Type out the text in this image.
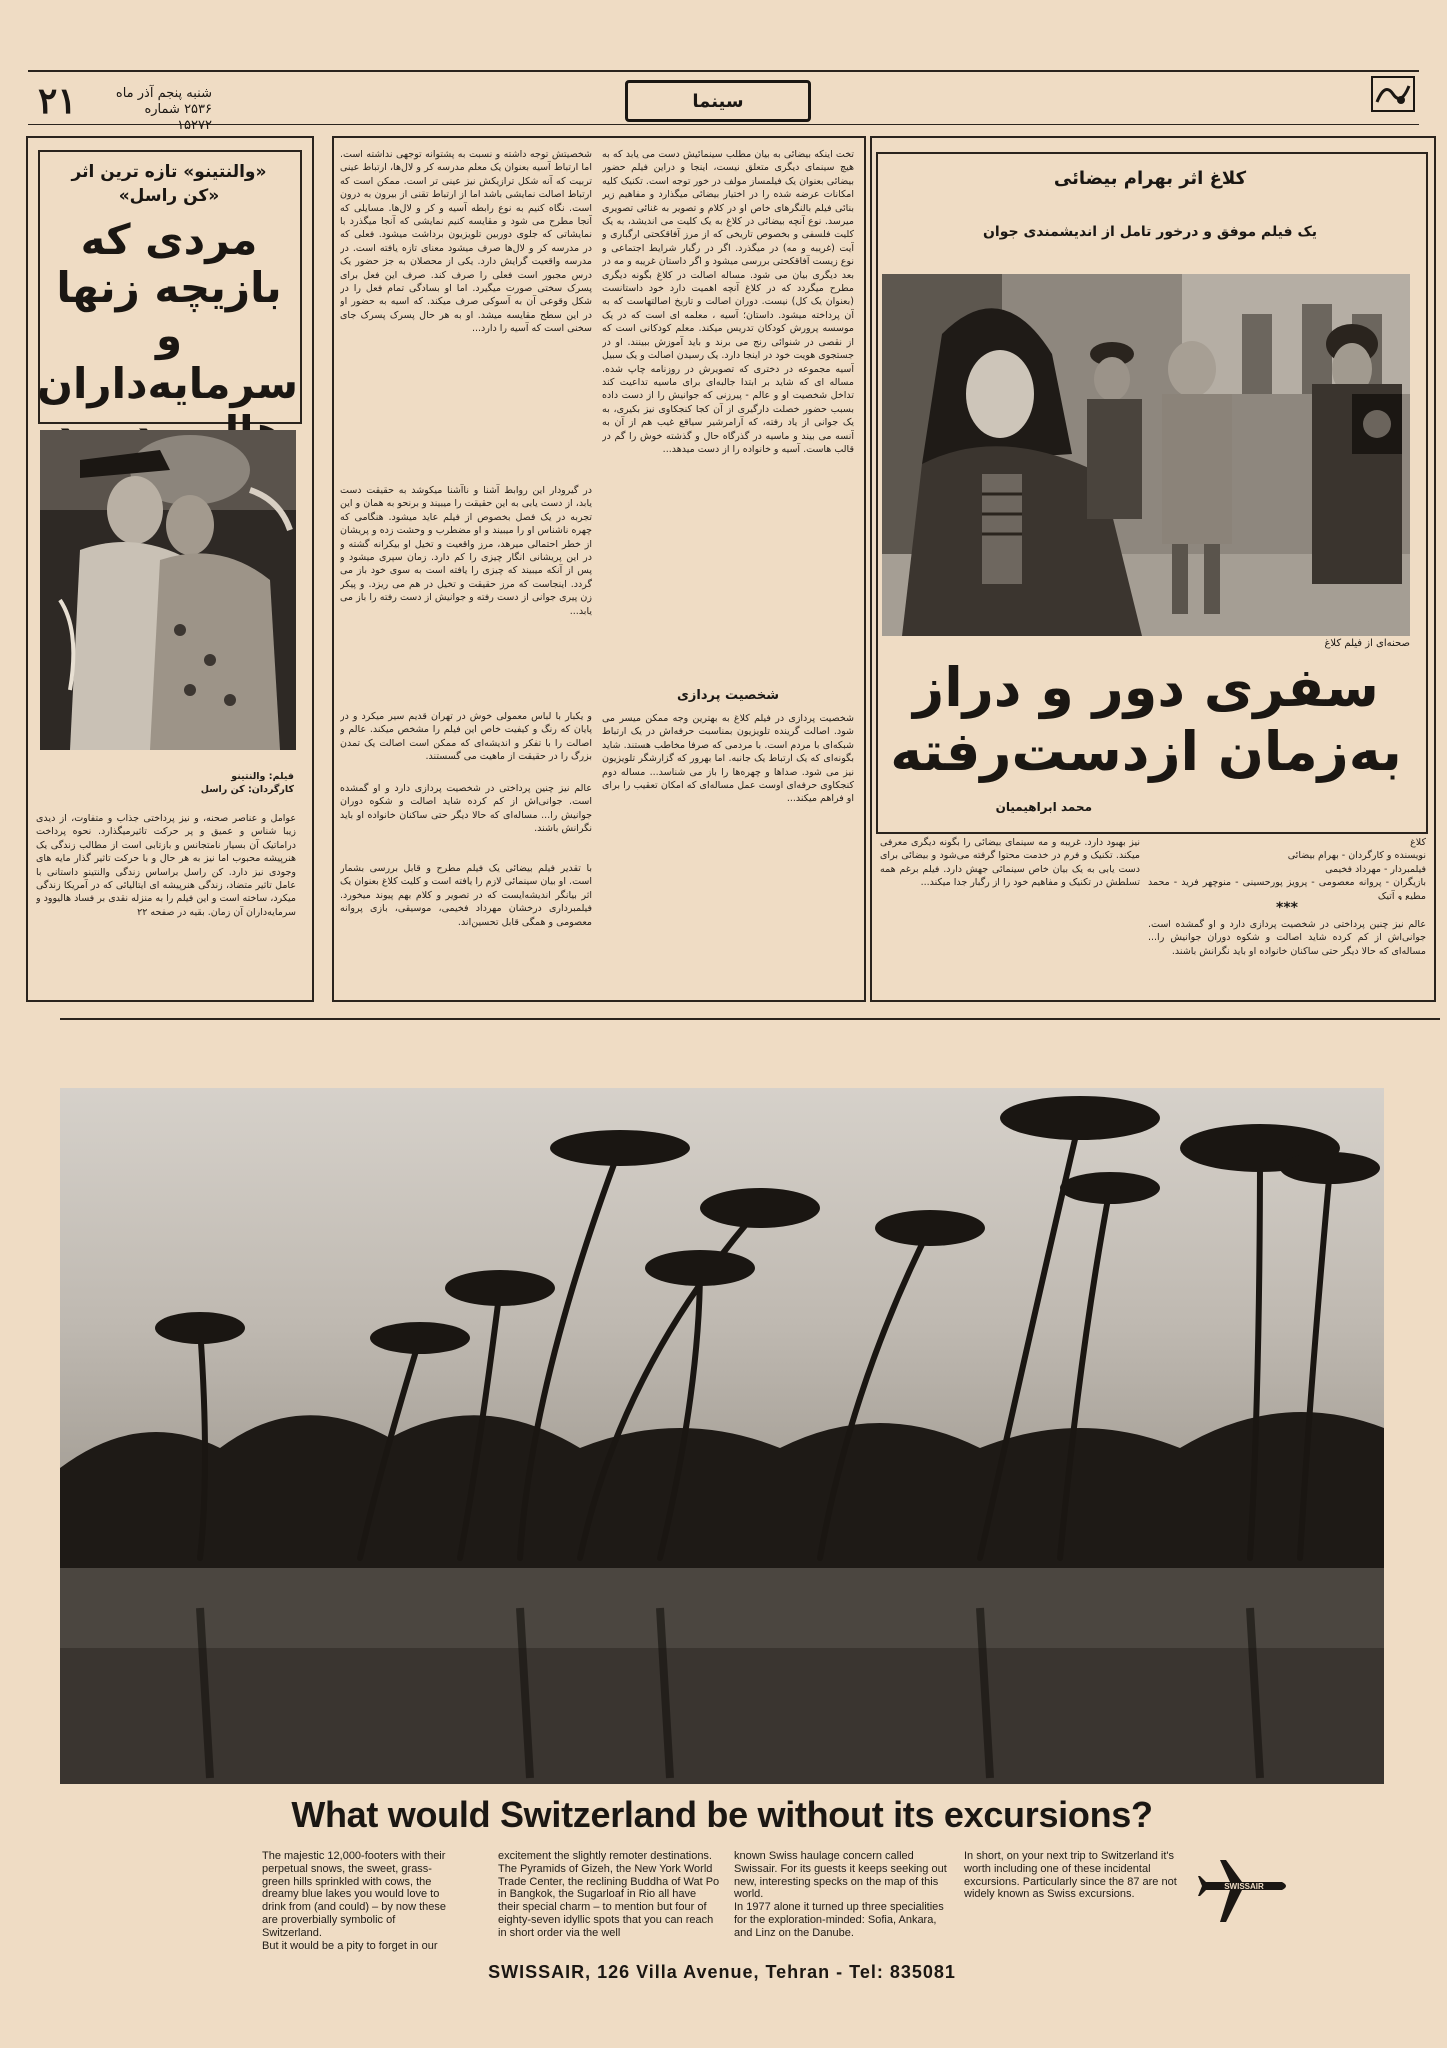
۲۱	شنبه پنجم آذر ماه
۲۵۳۶ شماره ۱۵۲۷۲
سینما
«والنتینو» تازه ترین اثر
«کن راسل»
مردی که بازیچه زنها و سرمایه‌داران
فیلم: والنتینو
کارگردان: کن راسل
عوامل و عناصر صحنه، و نیز پرداختی جذاب و متفاوت، از دیدی زیبا شناس و عمیق و پر حرکت تاثیرمیگذارد. نحوه پرداخت دراماتیک آن بسیار نامتجانس و بازتابی است از مطالب زندگی یک هنرپیشه محبوب اما نیز به هر حال و با حرکت تاثیر گذار مایه های وجودی نیز دارد. کن راسل براساس زندگی والنتینو داستانی با عامل تاثیر متضاد، زندگی هنرپیشه ای ایتالیائی که در آمریکا زندگی میکرد، ساخته است و این فیلم را به منزله نقدی بر فساد هالیوود و سرمایه‌داران آن زمان. بقیه در صفحه ۲۲
شخصیتش توجه داشته و نسبت به پشتوانه توجهی نداشته است. اما ارتباط آسیه بعنوان یک معلم مدرسه کر و لال‌ها، ارتباط عینی تربیت که آنه شکل ترازیکش نیز عینی تر است. ممکن است که ارتباط اصالت نمایشی باشد اما از ارتباط تقنی از بیرون به درون است. نگاه کنیم به نوع رابطه آسیه و کر و لال‌ها. مسایلی که آنجا مطرح می شود و مقایسه کنیم نمایشی که آنجا میگذرد با نمایشاتی که جلوی دوربین تلویزیون برداشت میشود. فعلی که در مدرسه کر و لال‌ها صرف میشود معنای تازه یافته است. در مدرسه واقعیت گرایش دارد. یکی از محصلان به جز حضور یک درس مجبور است فعلی را صرف کند. صرف این فعل برای پسرک سختی صورت میگیرد. اما او بسادگی تمام فعل را در شکل وقوعی آن به آسوکی صرف میکند. که اسیه به حضور او در این سطح مقایسه میشد. او به هر حال پسرک پسرک جای سخنی است که آسیه را دارد...
در گیرودار این روابط آشنا و ناآشنا میکوشد به حقیقت دست یابد، از دست یابی به این حقیقت را میبیند و برنحو به همان و این تجربه در یک فصل بخصوص از فیلم عاید میشود. هنگامی که چهره ناشناس او را میبیند و او مضطرب و وحشت زده و پریشان از خطر احتمالی میرهد، مرز واقعیت و تخیل او بیکرانه گشته و در این پریشانی انگار چیزی را کم دارد. زمان سپری میشود و پس از آنکه میبیند که چیزی را یافته است به سوی خود باز می گردد. اینجاست که مرز حقیقت و تخیل در هم می ریزد. و پیکر زن پیری جوانی از دست رفته و جوانیش از دست رفته را باز می یابد...
و یکبار با لباس معمولی خوش در تهران قدیم سیر میکرد و در پایان که رنگ و کیفیت خاص این فیلم را مشخص میکند. عالم و اصالت را با تفکر و اندیشه‌ای که ممکن است اصالت یک تمدن بزرگ را در حقیقت از ماهیت می گسستند.
عالم نیز چنین پرداختی در شخصیت پردازی دارد و او گمشده است. جوانی‌اش از کم کرده شاید اصالت و شکوه دوران جوانیش را... مساله‌ای که حالا دیگر حتی ساکنان خانواده او باید نگرانش باشند.
با تقدیر فیلم بیضائی یک فیلم مطرح و قابل بررسی بشمار است. او بیان سینمائی لازم را یافته است و کلیت کلاغ بعنوان یک اثر بیانگر اندیشه‌ایست که در تصویر و کلام بهم پیوند میخورد. فیلمبرداری درخشان مهرداد فخیمی، موسیقی، بازی پروانه معصومی و همگی قابل تحسین‌اند.
تخت اینکه بیضائی به بیان مطلب سینمائیش دست می یابد که به هیچ سینمای دیگری متعلق نیست، اینجا و دراین فیلم حضور بیضائی بعنوان یک فیلمساز مولف در خور توجه است. تکنیک کلیه امکانات عرضه شده را در اختیار بیضائی میگذارد و مفاهیم زیر بنائی فیلم بالنگرهای خاص او در کلام و تصویر به غنائی تصویری میرسد. نوع آنچه بیضائی در کلاغ به یک کلیت می اندیشد، به یک کلیت فلسفی و بخصوص تاریخی که از مرز آفاقکحتی ارگباری و آیت (غریبه و مه) در میگذرد. اگر در رگبار شرایط اجتماعی و نوع زیست آفاقکحتی بررسی میشود و اگر داستان غریبه و مه در بعد دیگری بیان می شود. مساله اصالت در کلاغ بگونه دیگری مطرح میگردد که در کلاغ آنچه اهمیت دارد خود داستانست (بعنوان یک کل) نیست. دوران اصالت و تاریخ اصالتهاست که به آن پرداخته میشود. داستان؛ آسیه ، معلمه ای است که در یک موسسه پرورش کودکان تدریس میکند. معلم کودکانی است که از نقصی در شنوائی رنج می برند و باید آموزش ببینند. او در جستجوی هویت خود در اینجا دارد. یک رسیدن اصالت و یک سبیل آسیه مجموعه در دختری که تصویرش در روزنامه چاپ شده. مساله ای که شاید بر ابتدا جالبه‌ای برای ماسیه تداعیت کند تداخل شخصیت او و عالم - پیرزنی که جوانیش را از دست داده بسبب حضور خصلت دارگیری از آن کجا کنجکاوی نیز بکیری، به یک جوانی از یاد رفته، که آرامرشیر سیاقع غیب هم از آن به آنسه می بیند و ماسیه در گذرگاه حال و گذشته خوش را گم در قالب هاست. آسیه و خانواده را از دست میدهد...
شخصیت پردازی
شخصیت پردازی در فیلم کلاغ به بهترین وجه ممکن میسر می شود. اصالت گرینده تلویزیون بمناسبت حرفه‌اش در یک ارتباط شبکه‌ای با مردم است. با مردمی که صرفا مخاطب هستند. شاید بگونه‌ای که یک ارتباط یک جانبه. اما بهرور که گزارشگر تلویزیون نیز می شود. صداها و چهره‌ها را باز می شناسد... مساله دوم کنجکاوی حرفه‌ای اوست عمل مساله‌ای که امکان تعقیب را برای او فراهم میکند...
کلاغ اثر بهرام بیضائی
یک فیلم موفق و درخور تامل از اندیشمندی جوان
صحنه‌ای از فیلم کلاغ
سفری دور و دراز
به‌زمان ازدست‌رفته
محمد ابراهیمیان
کلاغ
نویسنده و کارگردان - بهرام بیضائی
فیلمبردار - مهرداد فخیمی
بازیگران - پروانه معصومی - پرویز پورحسینی - منوچهر فرید - محمد مطیع و آتیک
***
عالم نیز چنین پرداختی در شخصیت پردازی دارد و او گمشده است. جوانی‌اش از کم کرده شاید اصالت و شکوه دوران جوانیش را... مساله‌ای که حالا دیگر حتی ساکنان خانواده او باید نگرانش باشند.
نیز بهبود دارد. غریبه و مه سینمای بیضائی را بگونه دیگری معرفی میکند. تکنیک و فرم در خدمت محتوا گرفته می‌شود و بیضائی برای دست یابی به یک بیان خاص سینمائی جهش دارد. فیلم برغم همه تسلطش در تکنیک و مفاهیم خود را از رگبار جدا میکند...
What would Switzerland be without its excursions?
The majestic 12,000-footers with their perpetual snows, the sweet, grass-green hills sprinkled with cows, the dreamy blue lakes you would love to drink from (and could) – by now these are proverbially symbolic of Switzerland.
But it would be a pity to forget in our
excitement the slightly remoter destinations. The Pyramids of Gizeh, the New York World Trade Center, the reclining Buddha of Wat Po in Bangkok, the Sugarloaf in Rio all have their special charm – to mention but four of eighty-seven idyllic spots that you can reach in short order via the well
known Swiss haulage concern called Swissair. For its guests it keeps seeking out new, interesting specks on the map of this world.
In 1977 alone it turned up three specialities for the exploration-minded: Sofia, Ankara, and Linz on the Danube.
In short, on your next trip to Switzerland it's worth including one of these incidental excursions. Particularly since the 87 are not widely known as Swiss excursions.
SWISSAIR
SWISSAIR, 126 Villa Avenue, Tehran - Tel: 835081
